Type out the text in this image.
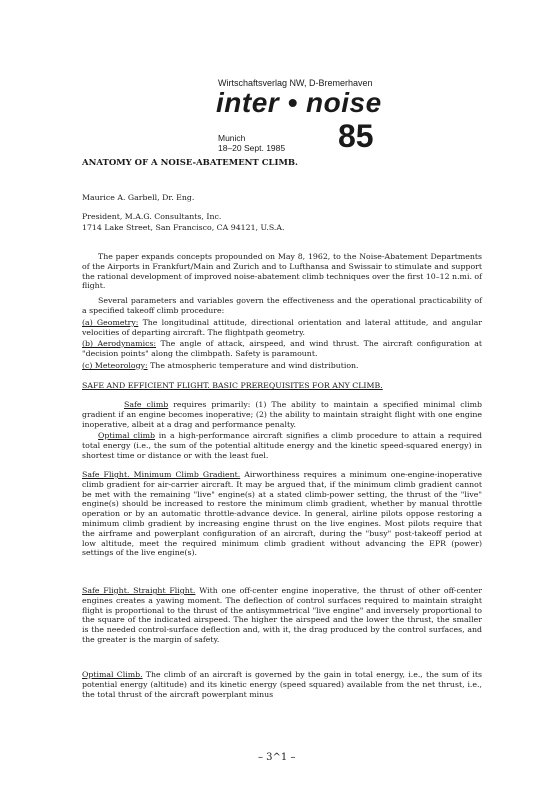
Wirtschaftsverlag NW, D-Bremerhaven
inter • noise
85
Munich
18–20 Sept. 1985
ANATOMY OF A NOISE-ABATEMENT CLIMB.
Maurice A. Garbell, Dr. Eng.
President, M.A.G. Consultants, Inc.
1714 Lake Street, San Francisco, CA 94121, U.S.A.
The paper expands concepts propounded on May 8, 1962, to the Noise-Abatement Departments of the Airports in Frankfurt/Main and Zurich and to Lufthansa and Swissair to stimulate and support the rational development of improved noise-abatement climb techniques over the first 10–12 n.mi. of flight.
Several parameters and variables govern the effectiveness and the operational practicability of a specified takeoff climb procedure:
(a) Geometry: The longitudinal attitude, directional orientation and lateral attitude, and angular velocities of departing aircraft. The flightpath geometry.
(b) Aerodynamics: The angle of attack, airspeed, and wind thrust. The aircraft configuration at "decision points" along the climbpath. Safety is paramount.
(c) Meteorology: The atmospheric temperature and wind distribution.
SAFE AND EFFICIENT FLIGHT. BASIC PREREQUISITES FOR ANY CLIMB.
Safe climb requires primarily: (1) The ability to maintain a specified minimal climb gradient if an engine becomes inoperative; (2) the ability to maintain straight flight with one engine inoperative, albeit at a drag and performance penalty.
Optimal climb in a high-performance aircraft signifies a climb procedure to attain a required total energy (i.e., the sum of the potential altitude energy and the kinetic speed-squared energy) in shortest time or distance or with the least fuel.
Safe Flight. Minimum Climb Gradient. Airworthiness requires a minimum one-engine-inoperative climb gradient for air-carrier aircraft. It may be argued that, if the minimum climb gradient cannot be met with the remaining "live" engine(s) at a stated climb-power setting, the thrust of the "live" engine(s) should be increased to restore the minimum climb gradient, whether by manual throttle operation or by an automatic throttle-advance device. In general, airline pilots oppose restoring a minimum climb gradient by increasing engine thrust on the live engines. Most pilots require that the airframe and powerplant configuration of an aircraft, during the "busy" post-takeoff period at low altitude, meet the required minimum climb gradient without advancing the EPR (power) settings of the live engine(s).
Safe Flight. Straight Flight. With one off-center engine inoperative, the thrust of other off-center engines creates a yawing moment. The deflection of control surfaces required to maintain straight flight is proportional to the thrust of the antisymmetrical "live engine" and inversely proportional to the square of the indicated airspeed. The higher the airspeed and the lower the thrust, the smaller is the needed control-surface deflection and, with it, the drag produced by the control surfaces, and the greater is the margin of safety.
Optimal Climb. The climb of an aircraft is governed by the gain in total energy, i.e., the sum of its potential energy (altitude) and its kinetic energy (speed squared) available from the net thrust, i.e., the total thrust of the aircraft powerplant minus
– 3^1 –
